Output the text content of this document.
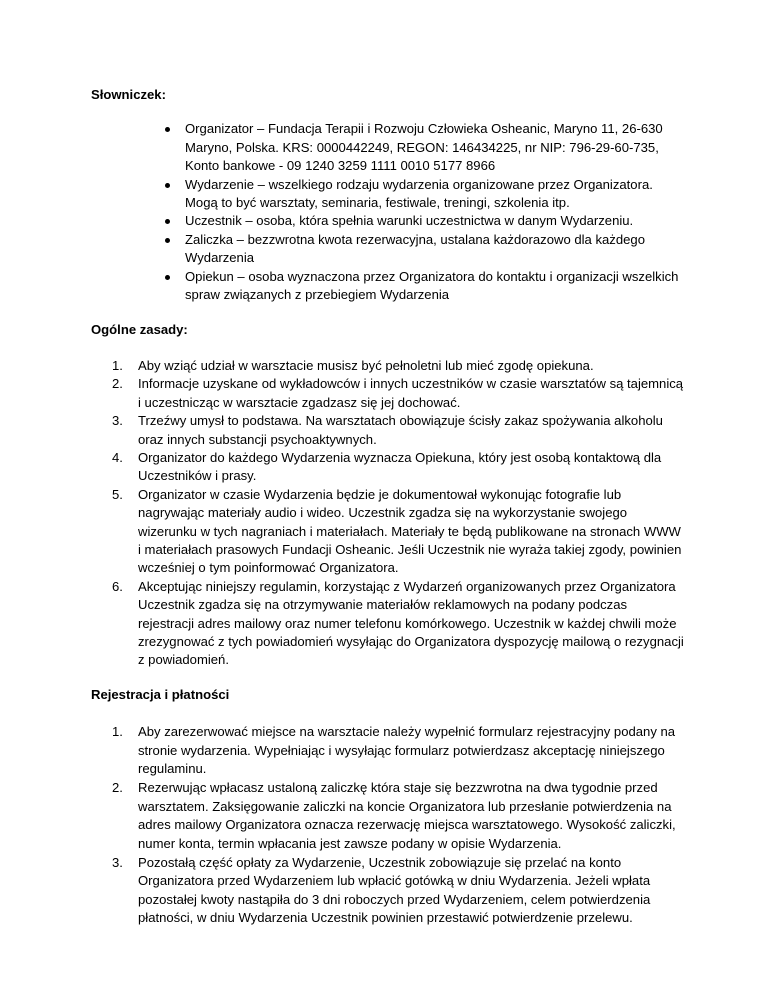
Słowniczek:
Organizator – Fundacja Terapii i Rozwoju Człowieka Osheanic, Maryno 11, 26-630 Maryno, Polska. KRS: 0000442249, REGON: 146434225, nr NIP: 796-29-60-735, Konto bankowe - 09 1240 3259 1111 0010 5177 8966
Wydarzenie – wszelkiego rodzaju wydarzenia organizowane przez Organizatora. Mogą to być warsztaty, seminaria, festiwale, treningi, szkolenia itp.
Uczestnik – osoba, która spełnia warunki uczestnictwa w danym Wydarzeniu.
Zaliczka – bezzwrotna kwota rezerwacyjna, ustalana każdorazowo dla każdego Wydarzenia
Opiekun – osoba wyznaczona przez Organizatora do kontaktu i organizacji wszelkich spraw związanych z przebiegiem Wydarzenia
Ogólne zasady:
1. Aby wziąć udział w warsztacie musisz być pełnoletni lub mieć zgodę opiekuna.
2. Informacje uzyskane od wykładowców i innych uczestników w czasie warsztatów są tajemnicą i uczestnicząc w warsztacie zgadzasz się jej dochować.
3. Trzeźwy umysł to podstawa. Na warsztatach obowiązuje ścisły zakaz spożywania alkoholu oraz innych substancji psychoaktywnych.
4. Organizator do każdego Wydarzenia wyznacza Opiekuna, który jest osobą kontaktową dla Uczestników i prasy.
5. Organizator w czasie Wydarzenia będzie je dokumentował wykonując fotografie lub nagrywając materiały audio i wideo. Uczestnik zgadza się na wykorzystanie swojego wizerunku w tych nagraniach i materiałach. Materiały te będą publikowane na stronach WWW i materiałach prasowych Fundacji Osheanic. Jeśli Uczestnik nie wyraża takiej zgody, powinien wcześniej o tym poinformować Organizatora.
6. Akceptując niniejszy regulamin, korzystając z Wydarzeń organizowanych przez Organizatora Uczestnik zgadza się na otrzymywanie materiałów reklamowych na podany podczas rejestracji adres mailowy oraz numer telefonu komórkowego. Uczestnik w każdej chwili może zrezygnować z tych powiadomień wysyłając do Organizatora dyspozycję mailową o rezygnacji z powiadomień.
Rejestracja i płatności
1. Aby zarezerwować miejsce na warsztacie należy wypełnić formularz rejestracyjny podany na stronie wydarzenia. Wypełniając i wysyłając formularz potwierdzasz akceptację niniejszego regulaminu.
2. Rezerwując wpłacasz ustaloną zaliczkę która staje się bezzwrotna na dwa tygodnie przed warsztatem. Zaksięgowanie zaliczki na koncie Organizatora lub przesłanie potwierdzenia na adres mailowy Organizatora oznacza rezerwację miejsca warsztatowego. Wysokość zaliczki, numer konta, termin wpłacania jest zawsze podany w opisie Wydarzenia.
3. Pozostałą część opłaty za Wydarzenie, Uczestnik zobowiązuje się przelać na konto Organizatora przed Wydarzeniem lub wpłacić gotówką w dniu Wydarzenia. Jeżeli wpłata pozostałej kwoty nastąpiła do 3 dni roboczych przed Wydarzeniem, celem potwierdzenia płatności, w dniu Wydarzenia Uczestnik powinien przestawić potwierdzenie przelewu.
